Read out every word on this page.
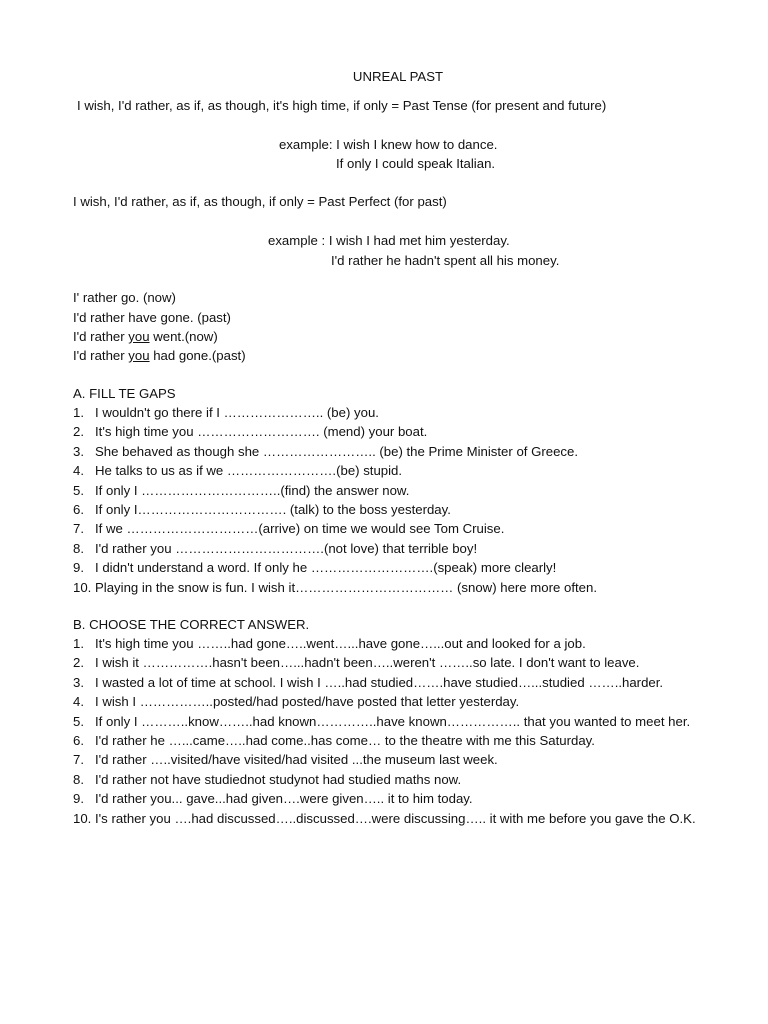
UNREAL PAST
I wish, I'd rather, as if, as though, it's high time, if only = Past Tense (for present and future)
example: I wish I knew how to dance.
If only I could speak Italian.
I wish, I'd rather, as if, as though, if only = Past Perfect (for past)
example : I wish I had met him yesterday.
I'd rather he hadn't spent all his money.
I' rather go. (now)
I'd rather have gone. (past)
I'd rather you went.(now)
I'd rather you had gone.(past)
A. FILL TE GAPS
1. I wouldn't go there if I ………………….. (be) you.
2. It's high time you ………………………. (mend) your boat.
3. She behaved as though she …………………….. (be) the Prime Minister of Greece.
4. He talks to us as if we …………………….(be) stupid.
5. If only I …………………………..(find) the answer now.
6. If only I……………………………. (talk) to the boss yesterday.
7. If we …………………………(arrive) on time we would see Tom Cruise.
8. I'd rather you …………………………….(not love) that terrible boy!
9. I didn't understand a word. If only he ……………………….(speak) more clearly!
10. Playing in the snow is fun. I wish it……………………………… (snow) here more often.
B. CHOOSE THE CORRECT ANSWER.
1. It's high time you ……..had gone…..went…...have gone…...out and looked for a job.
2. I wish it …………….hasn't been…...hadn't been…..weren't ……..so late. I don't want to leave.
3. I wasted a lot of time at school. I wish I …..had studied…….have studied…...studied ……..harder.
4. I wish I ……………..posted/had posted/have posted that letter yesterday.
5. If only I ………..know……..had known…………..have known…………….. that you wanted to meet her.
6. I'd rather he …...came…..had come..has come… to the theatre with me this Saturday.
7. I'd rather …..visited/have visited/had visited ...the museum last week.
8. I'd rather not have studiednot studynot had studied maths now.
9. I'd rather you... gave...had given….were given….. it to him today.
10. I's rather you ….had discussed…..discussed….were discussing….. it with me before you gave the O.K.
